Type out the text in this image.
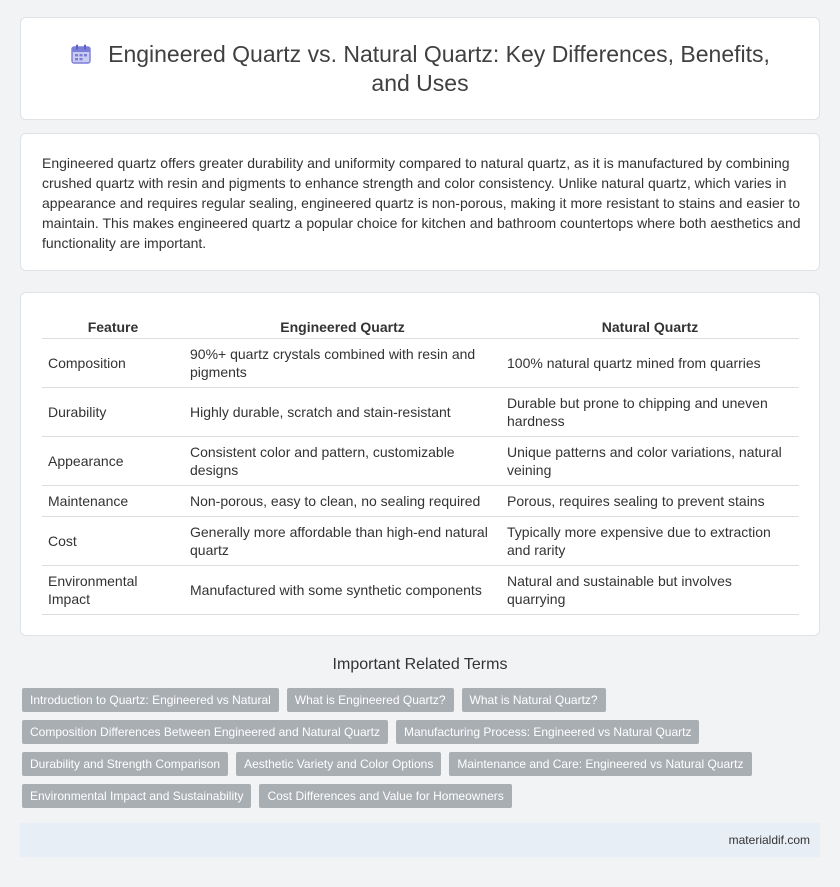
Engineered Quartz vs. Natural Quartz: Key Differences, Benefits, and Uses

Engineered quartz offers greater durability and uniformity compared to natural quartz, as it is manufactured by combining crushed quartz with resin and pigments to enhance strength and color consistency. Unlike natural quartz, which varies in appearance and requires regular sealing, engineered quartz is non-porous, making it more resistant to stains and easier to maintain. This makes engineered quartz a popular choice for kitchen and bathroom countertops where both aesthetics and functionality are important.

Feature	Engineered Quartz	Natural Quartz
Composition	90%+ quartz crystals combined with resin and pigments	100% natural quartz mined from quarries
Durability	Highly durable, scratch and stain-resistant	Durable but prone to chipping and uneven hardness
Appearance	Consistent color and pattern, customizable designs	Unique patterns and color variations, natural veining
Maintenance	Non-porous, easy to clean, no sealing required	Porous, requires sealing to prevent stains
Cost	Generally more affordable than high-end natural quartz	Typically more expensive due to extraction and rarity
Environmental Impact	Manufactured with some synthetic components	Natural and sustainable but involves quarrying
Important Related Terms
Introduction to Quartz: Engineered vs Natural	What is Engineered Quartz?	What is Natural Quartz?
Composition Differences Between Engineered and Natural Quartz	Manufacturing Process: Engineered vs Natural Quartz
Durability and Strength Comparison	Aesthetic Variety and Color Options	Maintenance and Care: Engineered vs Natural Quartz
Environmental Impact and Sustainability	Cost Differences and Value for Homeowners
materialdif.com
